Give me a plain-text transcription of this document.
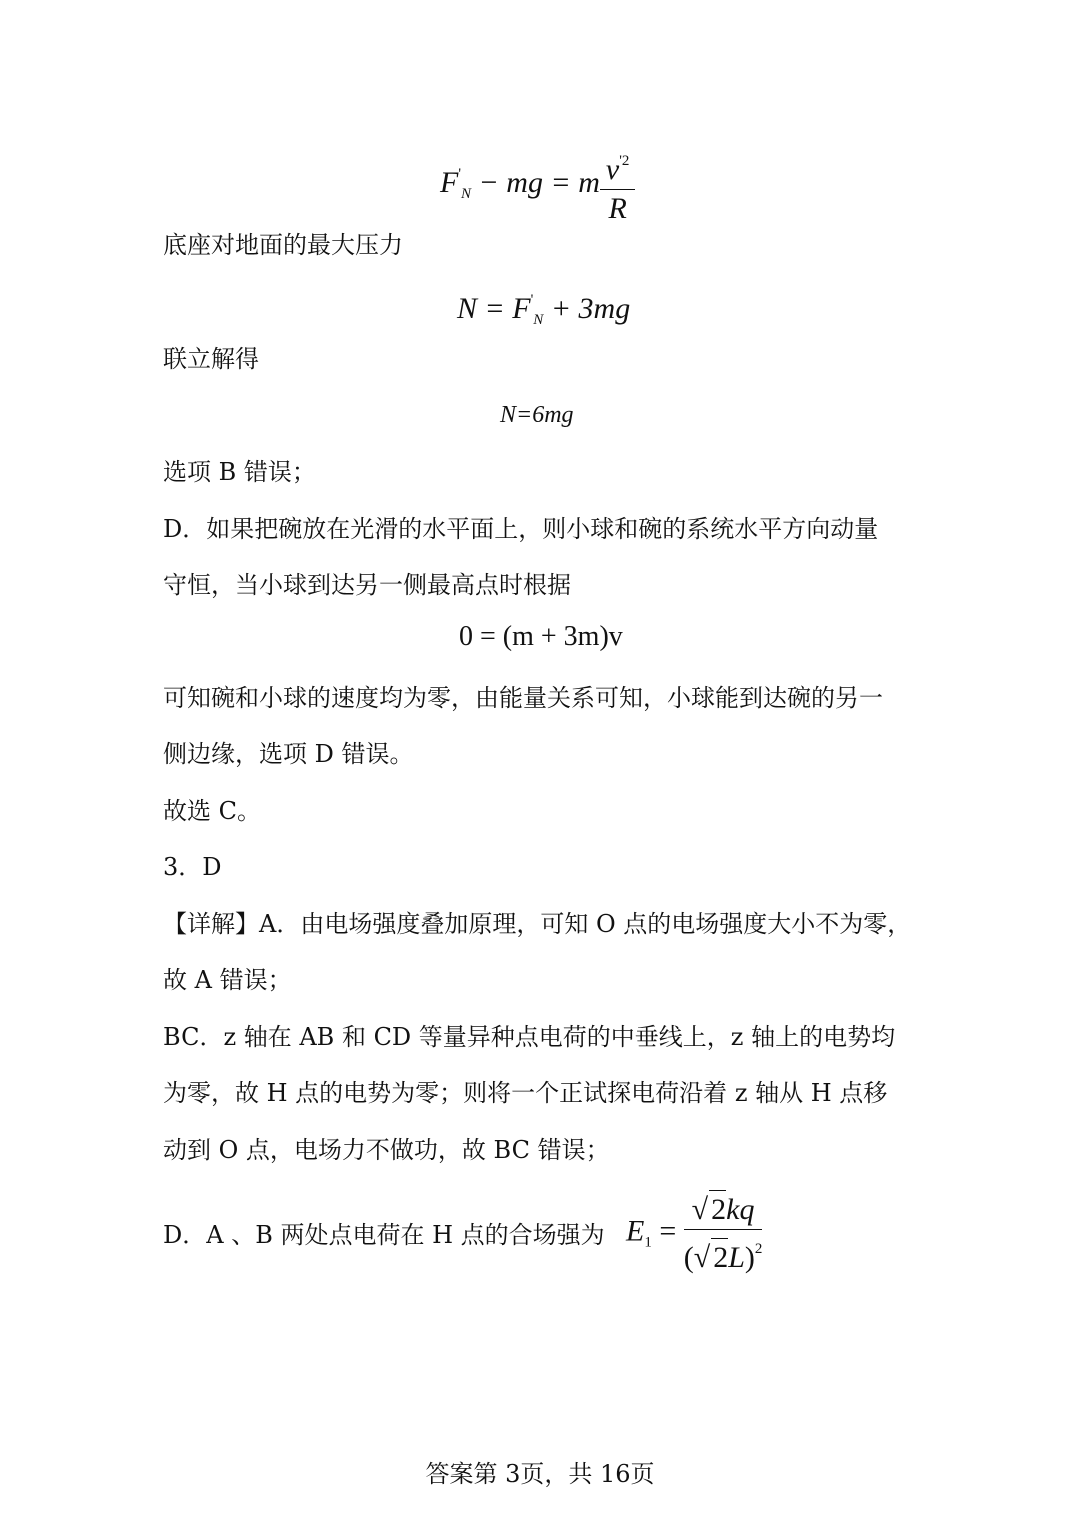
$F'_N$ − mg = m $\frac{v^{'2}}{R}$
底座对地面的最大压力
$N = F'_N + 3mg$
联立解得
N=6mg
选项 B 错误；
D．如果把碗放在光滑的水平面上，则小球和碗的系统水平方向动量
守恒，当小球到达另一侧最高点时根据
0 = (m + 3m)v
可知碗和小球的速度均为零，由能量关系可知，小球能到达碗的另一
侧边缘，选项 D 错误。
故选 C。
3．D
【详解】A．由电场强度叠加原理，可知 O 点的电场强度大小不为零，
故 A 错误；
BC．z 轴在 AB 和 CD 等量异种点电荷的中垂线上，z 轴上的电势均
为零，故 H 点的电势为零；则将一个正试探电荷沿着 z 轴从 H 点移
动到 O 点，电场力不做功，故 BC 错误；
D．A 、B 两处点电荷在 H 点的合场强为 $E_1 = \frac{√ 2kq}{(√ 2L)^2}$
答案第 3页，共 16页
